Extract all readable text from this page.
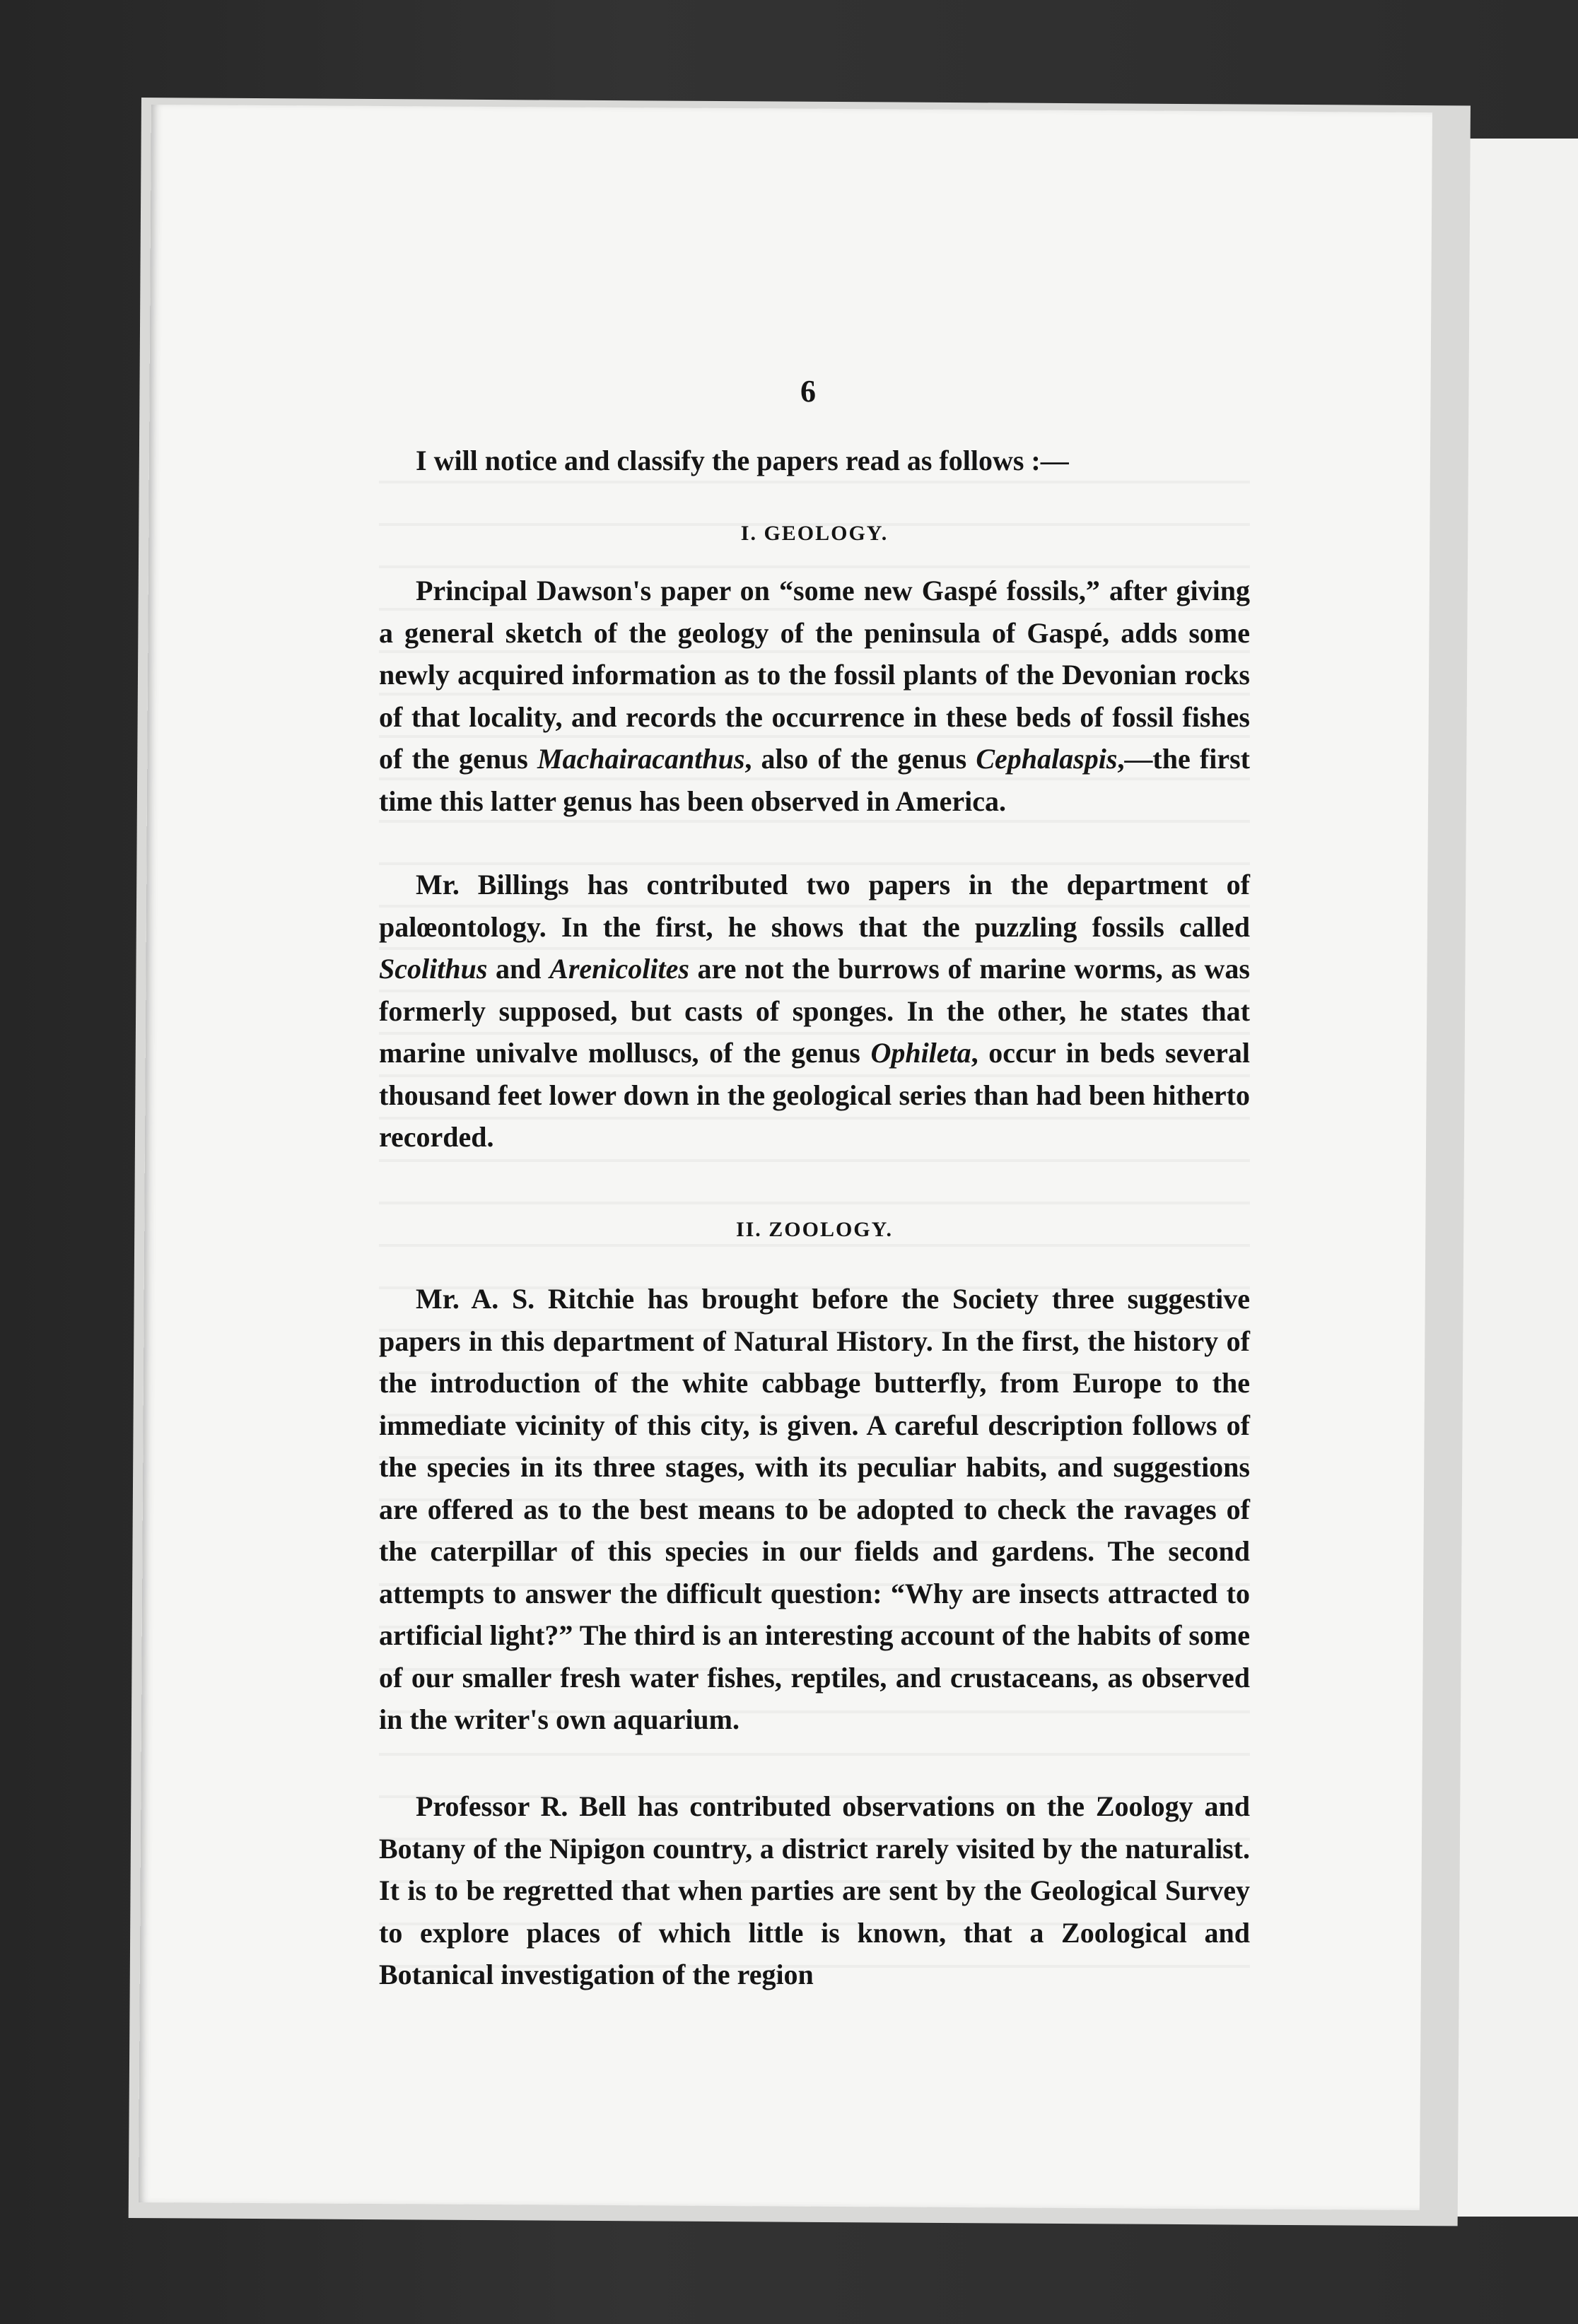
6
I will notice and classify the papers read as follows :—
I. GEOLOGY.

Principal Dawson's paper on “some new Gaspé fossils,” after giving a general sketch of the geology of the peninsula of Gaspé, adds some newly acquired information as to the fossil plants of the Devonian rocks of that locality, and records the occurrence in these beds of fossil fishes of the genus Machairacanthus, also of the genus Cephalaspis,—the first time this latter genus has been observed in America.

Mr. Billings has contributed two papers in the department of palœontology. In the first, he shows that the puzzling fossils called Scolithus and Arenicolites are not the burrows of marine worms, as was formerly supposed, but casts of sponges. In the other, he states that marine univalve molluscs, of the genus Ophileta, occur in beds several thousand feet lower down in the geological series than had been hitherto recorded.

II. ZOOLOGY.

Mr. A. S. Ritchie has brought before the Society three suggestive papers in this department of Natural History. In the first, the history of the introduction of the white cabbage butterfly, from Europe to the immediate vicinity of this city, is given. A careful description follows of the species in its three stages, with its peculiar habits, and suggestions are offered as to the best means to be adopted to check the ravages of the caterpillar of this species in our fields and gardens. The second attempts to answer the difficult question: “Why are insects attracted to artificial light?” The third is an interesting account of the habits of some of our smaller fresh water fishes, reptiles, and crustaceans, as observed in the writer's own aquarium.

Professor R. Bell has contributed observations on the Zoology and Botany of the Nipigon country, a district rarely visited by the naturalist. It is to be regretted that when parties are sent by the Geological Survey to explore places of which little is known, that a Zoological and Botanical investigation of the region
